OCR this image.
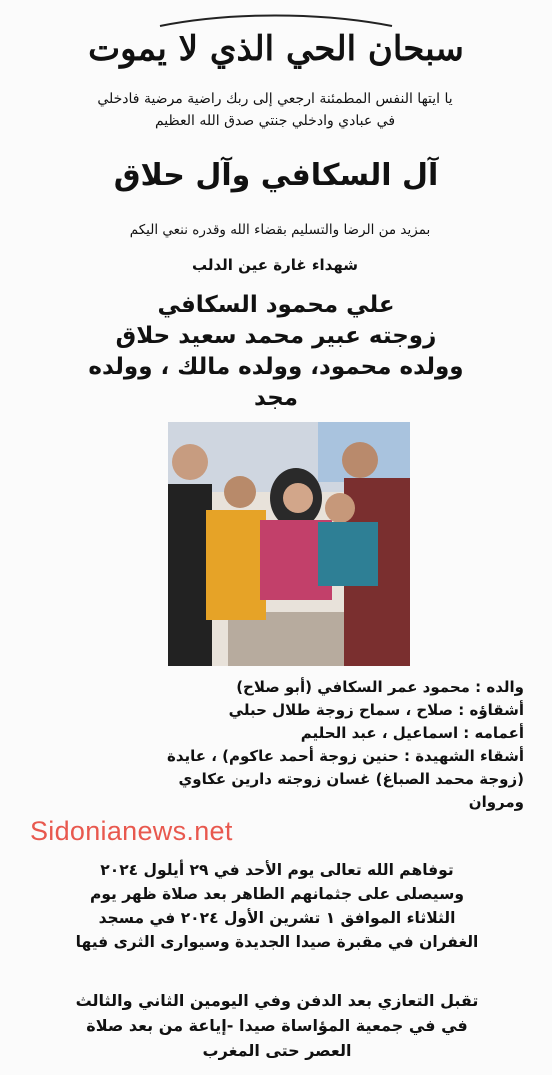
سبحان الحي الذي لا يموت
يا ايتها النفس المطمئنة ارجعي إلى ربك راضية مرضية فادخلي
في عبادي وادخلي جنتي صدق الله العظيم
آل السكافي وآل حلاق
بمزيد من الرضا والتسليم بقضاء الله وقدره ننعي اليكم
شهداء غارة عين الدلب
علي محمود السكافي
زوجته عبير محمد سعيد حلاق
وولده محمود، وولده مالك ، وولده
مجد
والده : محمود عمر السكافي (أبو صلاح)
أشقاؤه : صلاح ، سماح زوجة طلال حبلي
أعمامه : اسماعيل ، عبد الحليم
أشقاء الشهيدة : حنين زوجة أحمد عاكوم) ، عايدة
(زوجة محمد الصباغ) غسان زوجته دارين عكاوي
ومروان
Sidonianews.net
توفاهم الله تعالى يوم الأحد في ٢٩ أيلول ٢٠٢٤
وسيصلى على جثمانهم الطاهر بعد صلاة ظهر يوم
الثلاثاء الموافق ١ تشرين الأول ٢٠٢٤ في مسجد
الغفران في مقبرة صيدا الجديدة وسيوارى الثرى فيها
تقبل التعازي بعد الدفن وفي اليومين الثاني والثالث
في في جمعية المؤاساة صيدا -إياعة من بعد صلاة
العصر حتى المغرب
